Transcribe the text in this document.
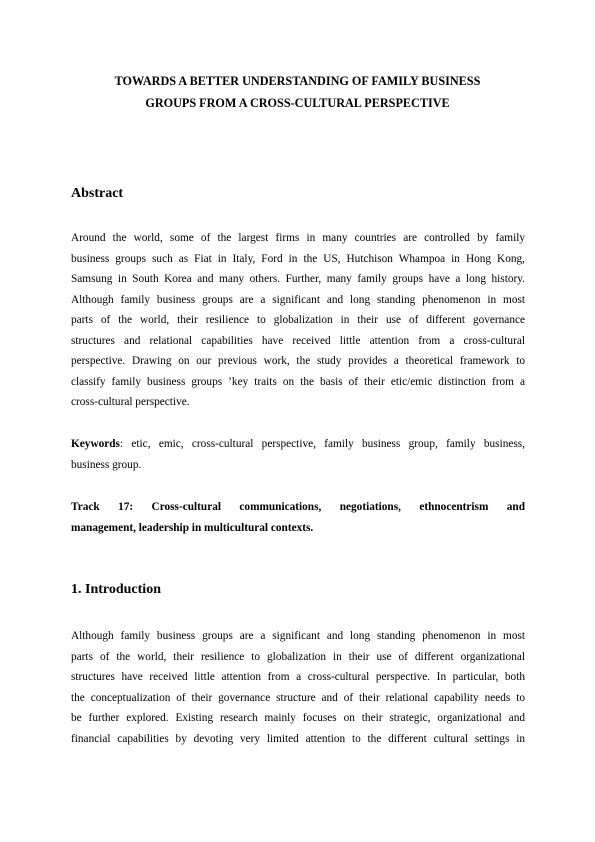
TOWARDS A BETTER UNDERSTANDING OF FAMILY BUSINESS
GROUPS FROM A CROSS-CULTURAL PERSPECTIVE
Abstract
Around the world, some of the largest firms in many countries are controlled by family
business groups such as Fiat in Italy, Ford in the US, Hutchison Whampoa in Hong Kong,
Samsung in South Korea and many others. Further, many family groups have a long history.
Although family business groups are a significant and long standing phenomenon in most
parts of the world, their resilience to globalization in their use of different governance
structures and relational capabilities have received little attention from a cross-cultural
perspective. Drawing on our previous work, the study provides a theoretical framework to
classify family business groups ’key traits on the basis of their etic/emic distinction from a
cross-cultural perspective.
Keywords: etic, emic, cross-cultural perspective, family business group, family business,
business group.
Track 17: Cross-cultural communications, negotiations, ethnocentrism and
management, leadership in multicultural contexts.
1. Introduction
Although family business groups are a significant and long standing phenomenon in most
parts of the world, their resilience to globalization in their use of different organizational
structures have received little attention from a cross-cultural perspective. In particular, both
the conceptualization of their governance structure and of their relational capability needs to
be further explored. Existing research mainly focuses on their strategic, organizational and
financial capabilities by devoting very limited attention to the different cultural settings in
